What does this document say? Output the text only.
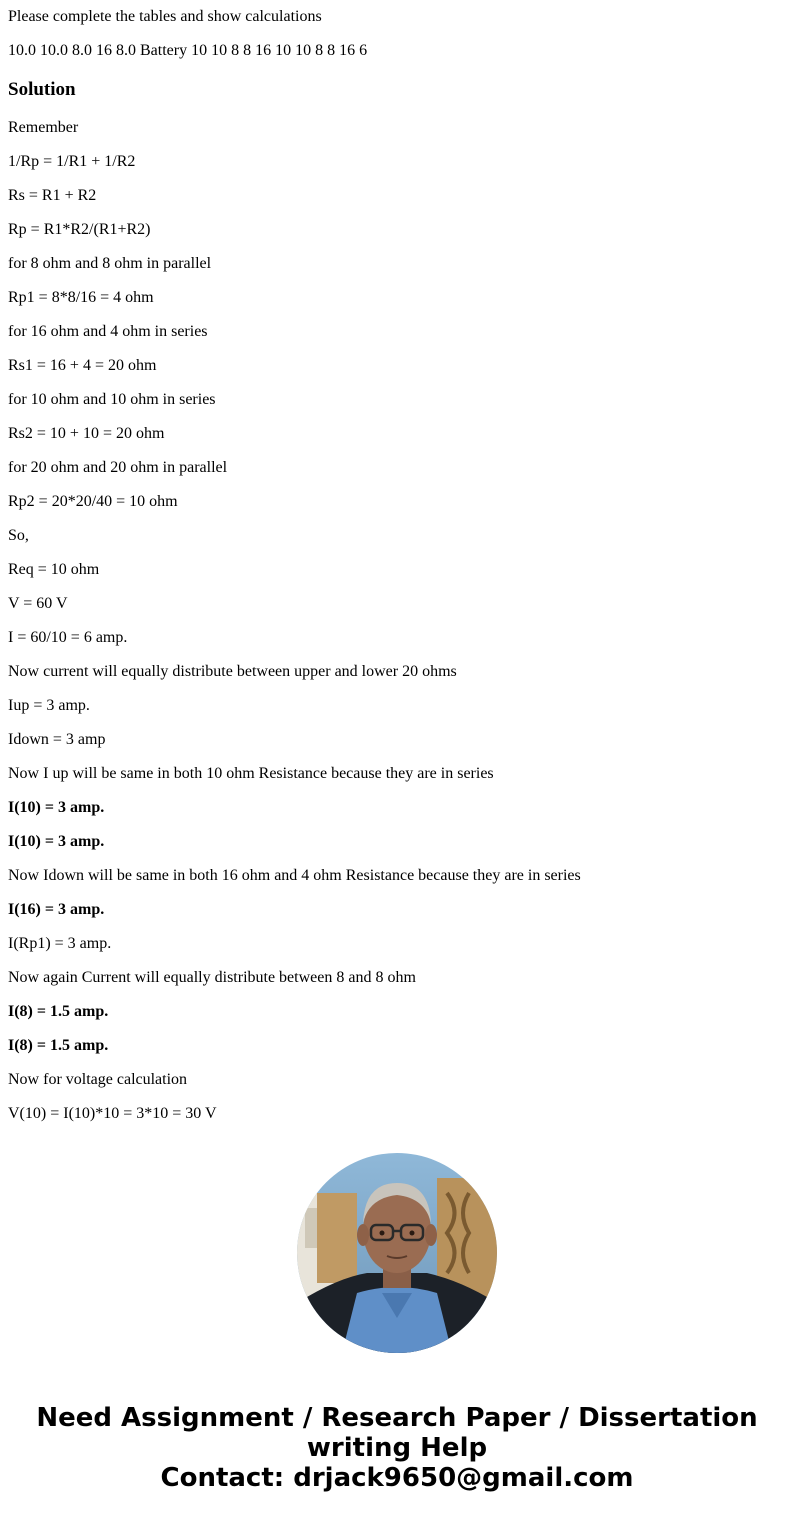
Please complete the tables and show calculations

10.0 10.0 8.0 16 8.0 Battery 10 10 8 8 16 10 10 8 8 16 6

Solution

Remember

1/Rp = 1/R1 + 1/R2

Rs = R1 + R2

Rp = R1*R2/(R1+R2)

for 8 ohm and 8 ohm in parallel

Rp1 = 8*8/16 = 4 ohm

for 16 ohm and 4 ohm in series

Rs1 = 16 + 4 = 20 ohm

for 10 ohm and 10 ohm in series

Rs2 = 10 + 10 = 20 ohm

for 20 ohm and 20 ohm in parallel

Rp2 = 20*20/40 = 10 ohm

So,

Req = 10 ohm

V = 60 V

I = 60/10 = 6 amp.

Now current will equally distribute between upper and lower 20 ohms

Iup = 3 amp.

Idown = 3 amp

Now I up will be same in both 10 ohm Resistance because they are in series

I(10) = 3 amp.

I(10) = 3 amp.

Now Idown will be same in both 16 ohm and 4 ohm Resistance because they are in series

I(16) = 3 amp.

I(Rp1) = 3 amp.

Now again Current will equally distribute between 8 and 8 ohm

I(8) = 1.5 amp.

I(8) = 1.5 amp.

Now for voltage calculation

V(10) = I(10)*10 = 3*10 = 30 V

Need Assignment / Research Paper / Dissertation
writing Help
Contact: drjack9650@gmail.com
